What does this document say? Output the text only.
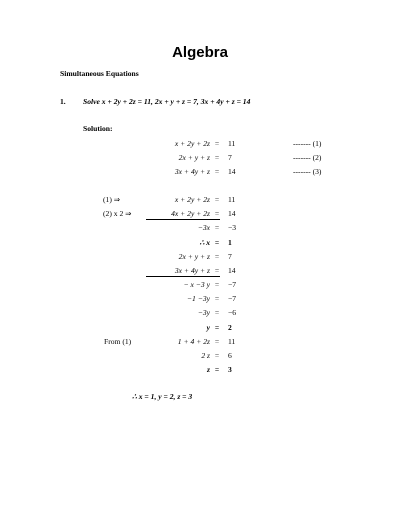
Algebra
Simultaneous Equations
1. Solve x + 2y + 2z = 11, 2x + y + z = 7, 3x + 4y + z = 14
Solution:
x + 2y + 2z = 11	------- (1)
2x + y + z = 7	------- (2)
3x + 4y + z = 14	------- (3)
(1) ⇒	x + 2y + 2z = 11
(2) x 2 ⇒	4x + 2y + 2z = 14
−3x = −3
∴ x = 1
2x + y + z = 7
3x + 4y + z = 14
− x −3 y = −7
−1 −3y = −7
−3y = −6
y = 2
From (1)	1 + 4 + 2z = 11
2 z = 6
z = 3
∴ x = 1, y = 2, z = 3
